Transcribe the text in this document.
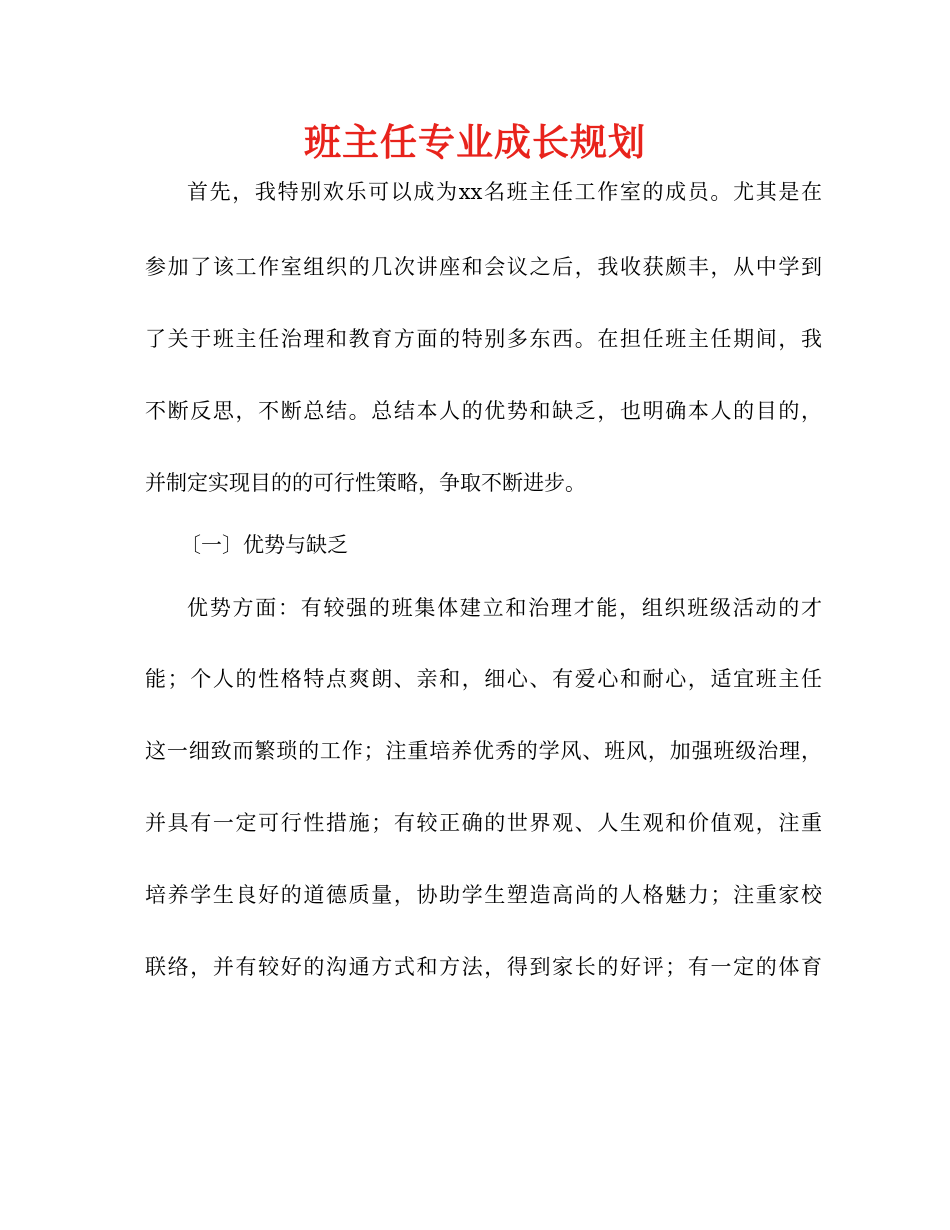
班主任专业成长规划
首先，我特别欢乐可以成为xx名班主任工作室的成员。尤其是在
参加了该工作室组织的几次讲座和会议之后，我收获颇丰，从中学到
了关于班主任治理和教育方面的特别多东西。在担任班主任期间，我
不断反思，不断总结。总结本人的优势和缺乏，也明确本人的目的，
并制定实现目的的可行性策略，争取不断进步。
〔一〕优势与缺乏
优势方面：有较强的班集体建立和治理才能，组织班级活动的才
能；个人的性格特点爽朗、亲和，细心、有爱心和耐心，适宜班主任
这一细致而繁琐的工作；注重培养优秀的学风、班风，加强班级治理，
并具有一定可行性措施；有较正确的世界观、人生观和价值观，注重
培养学生良好的道德质量，协助学生塑造高尚的人格魅力；注重家校
联络，并有较好的沟通方式和方法，得到家长的好评；有一定的体育
